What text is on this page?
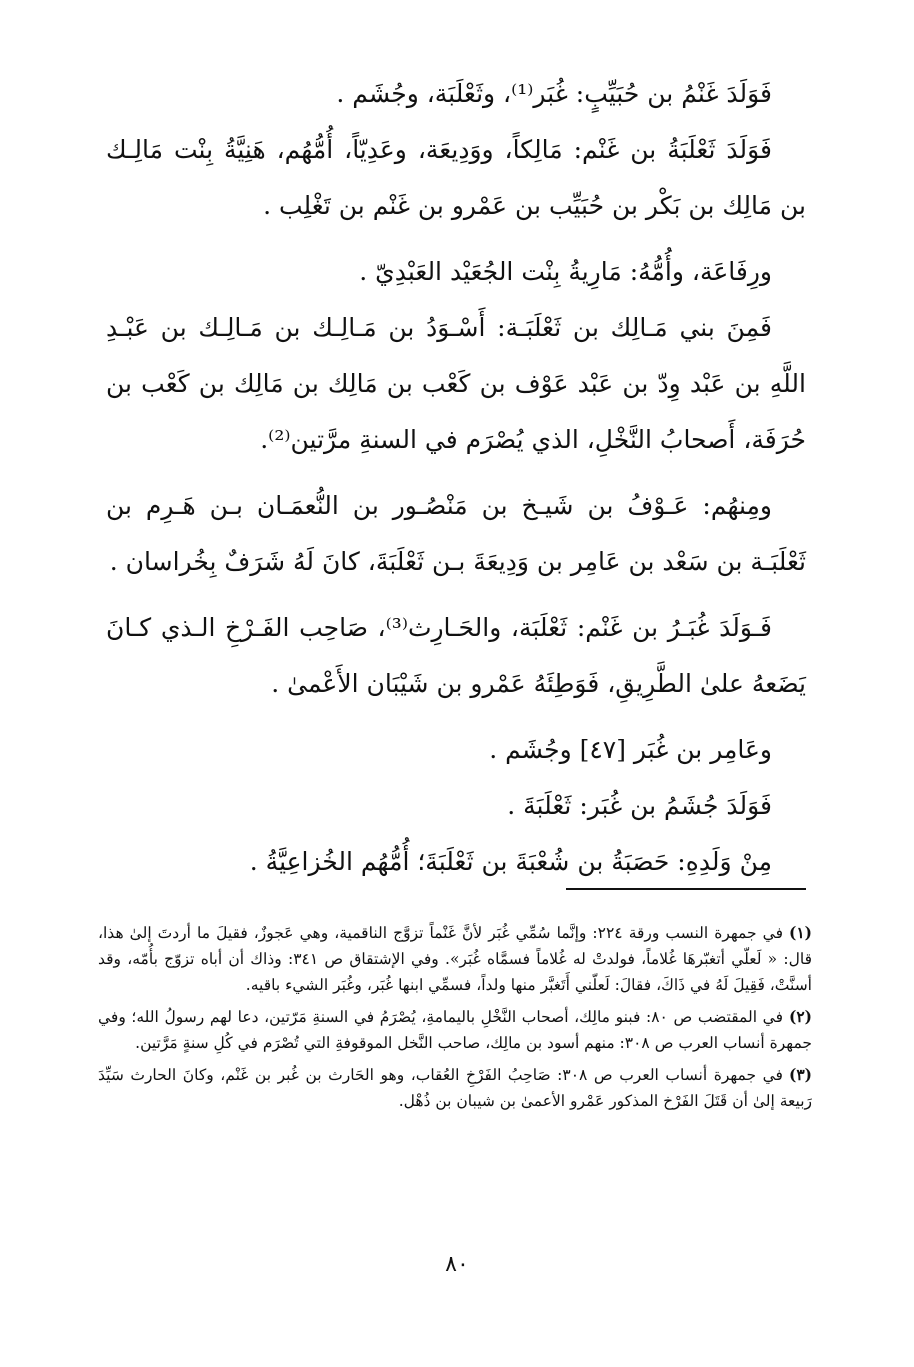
فَوَلَدَ غَنْمُ بن حُبَيِّبٍ: غُبَر⁽¹⁾، وثَعْلَبَة، وجُشَم .

فَوَلَدَ ثَعْلَبَةُ بن غَنْم: مَالِكاً، ووَدِيعَة، وعَدِيّاً، أُمُّهُم، هَنِيَّةُ بِنْت مَالِـك بن مَالِك بن بَكْر بن حُبَيِّب بن عَمْرو بن غَنْم بن تَغْلِب .

ورِفَاعَة، وأُمُّهُ: مَارِيةُ بِنْت الجُعَيْد العَبْدِيّ .

فَمِنَ بني مَـالِك بن ثَعْلَبَـة: أَسْـوَدُ بن مَـالِـك بن مَـالِـك بن عَبْـدِ اللَّهِ بن عَبْد وِدّ بن عَبْد عَوْف بن كَعْب بن مَالِك بن مَالِك بن كَعْب بن حُرَفَة، أَصحابُ النَّخْلِ، الذي يُصْرَم في السنةِ مرَّتين⁽²⁾.

ومِنهُم: عَـوْفُ بن شَيـخ بن مَنْصُـور بن النُّعمَـان بـن هَـرِم بن ثَعْلَبَـة بن سَعْد بن عَامِر بن وَدِيعَةَ بـن ثَعْلَبَةَ، كانَ لَهُ شَرَفٌ بِخُراسان .

فَـوَلَدَ غُبَـرُ بن غَنْم: ثَعْلَبَة، والحَـارِث⁽³⁾، صَاحِب الفَـرْخِ الـذي كـانَ يَضَعهُ علىٰ الطَّرِيقِ، فَوَطِئَهُ عَمْرو بن شَيْبَان الأَعْمىٰ .

وعَامِر بن غُبَر [٤٧] وجُشَم .

فَوَلَدَ جُشَمُ بن غُبَر: ثَعْلَبَةَ .

مِنْ وَلَدِهِ: حَصَبَةُ بن شُعْبَةَ بن ثَعْلَبَةَ؛ أُمُّهُم الخُزاعِيَّةُ .

(١)في جمهرة النسب ورقة ٢٢٤: وإنَّما سُمِّي غُبَر لأنَّ غَنْماً تزوَّج الناقمية، وهي عَجوزٌ، فقيلَ ما أردتَ إلىٰ هذا، قال: « لَعلّي أتغبّرهَا غُلاماً، فولدتْ له غُلاماً فسمَّاه غُبَر». وفي الإشتقاق ص ٣٤١: وذاك أن أباه تزوّج بأُمّه، وقد أسنَّتْ، فَقِيلَ لَهُ في ذَاكَ، فقالَ: لَعلّني أَتَغبَّر منها ولداً، فسمِّي ابنها غُبَر، وغُبَر الشيء باقيه.

(٢)في المقتضب ص ٨٠: فبنو مالِك، أصحاب النَّخْلِ باليمامةِ، يُصْرَمُ في السنةِ مَرّتين، دعا لهم رسولُ الله؛ وفي جمهرة أنساب العرب ص ٣٠٨: منهم أسود بن مالِك، صاحب النَّخل الموقوفةِ التي تُصْرَم في كُلِ سنةٍ مَرَّتين.

(٣)في جمهرة أنساب العرب ص ٣٠٨: صَاحِبُ الفَرْخِ العُقاب، وهو الحَارث بن غُبر بن غَنْم، وكانَ الحارث سَيِّدَ رَبيعة إلىٰ أن قَتَلَ الفَرْخ المذكور عَمْرو الأعمىٰ بن شيبان بن ذُهْل.

٨٠
